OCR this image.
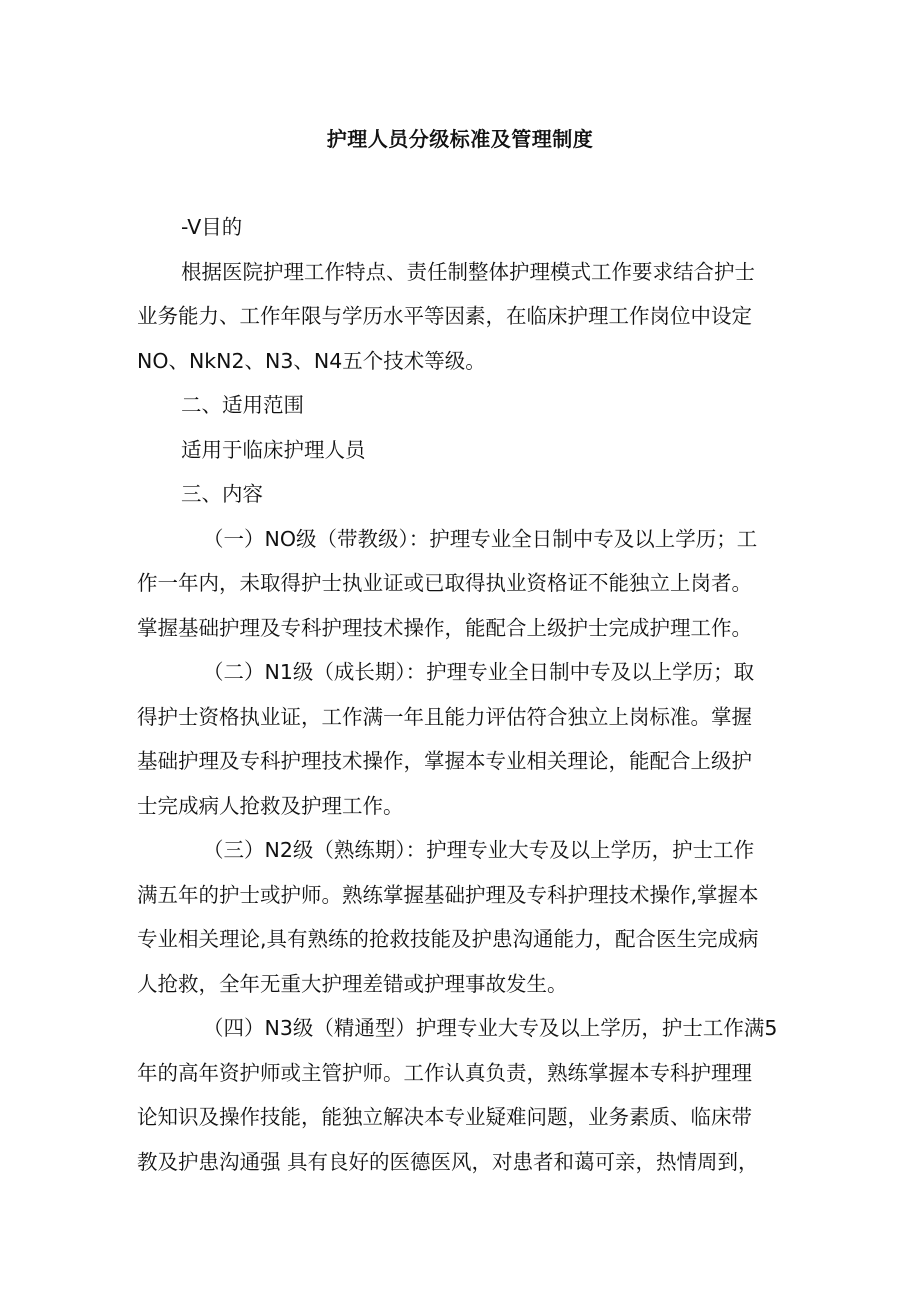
护理人员分级标准及管理制度
-V目的
根据医院护理工作特点、责任制整体护理模式工作要求结合护士
业务能力、工作年限与学历水平等因素，在临床护理工作岗位中设定
NO、NkN2、N3、N4五个技术等级。
二、适用范围
适用于临床护理人员
三、内容
（一）NO级（带教级）：护理专业全日制中专及以上学历；工
作一年内，未取得护士执业证或已取得执业资格证不能独立上岗者。
掌握基础护理及专科护理技术操作，能配合上级护士完成护理工作。
（二）N1级（成长期）：护理专业全日制中专及以上学历；取
得护士资格执业证，工作满一年且能力评估符合独立上岗标准。掌握
基础护理及专科护理技术操作，掌握本专业相关理论，能配合上级护
士完成病人抢救及护理工作。
（三）N2级（熟练期）：护理专业大专及以上学历，护士工作
满五年的护士或护师。熟练掌握基础护理及专科护理技术操作,掌握本
专业相关理论,具有熟练的抢救技能及护患沟通能力，配合医生完成病
人抢救，全年无重大护理差错或护理事故发生。
（四）N3级（精通型）护理专业大专及以上学历，护士工作满5
年的高年资护师或主管护师。工作认真负责，熟练掌握本专科护理理
论知识及操作技能，能独立解决本专业疑难问题，业务素质、临床带
教及护患沟通强 具有良好的医德医风，对患者和蔼可亲，热情周到，
